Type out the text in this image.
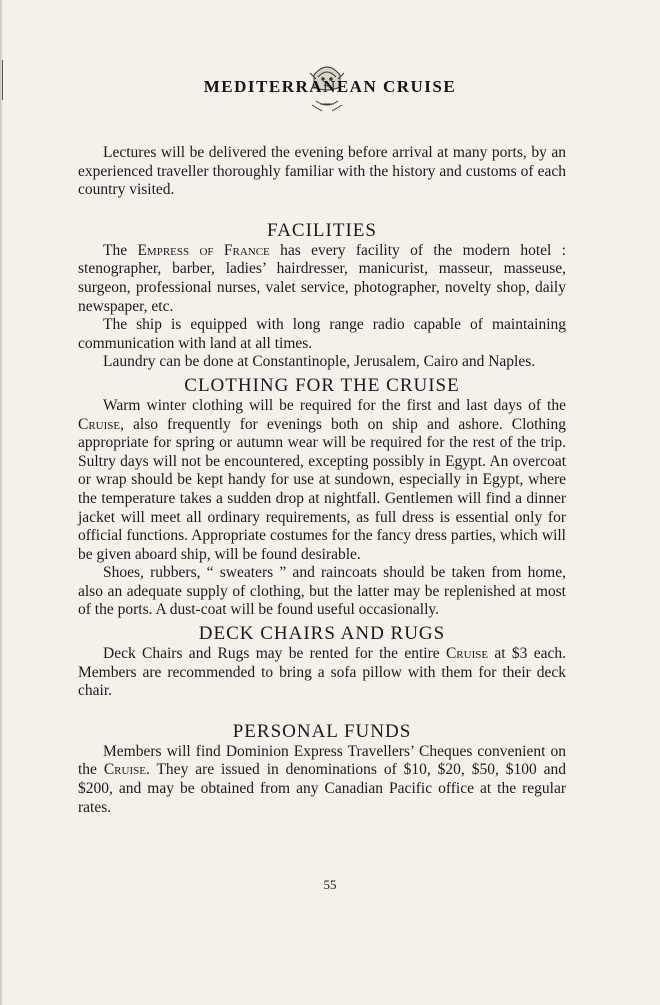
MEDITERRANEAN CRUISE

Lectures will be delivered the evening before arrival at many ports, by an experienced traveller thoroughly familiar with the history and customs of each country visited.

FACILITIES

The Empress of France has every facility of the modern hotel : stenographer, barber, ladies’ hairdresser, manicurist, masseur, masseuse, surgeon, professional nurses, valet service, photographer, novelty shop, daily newspaper, etc.

The ship is equipped with long range radio capable of maintaining communication with land at all times.

Laundry can be done at Constantinople, Jerusalem, Cairo and Naples.

CLOTHING FOR THE CRUISE

Warm winter clothing will be required for the first and last days of the Cruise, also frequently for evenings both on ship and ashore. Clothing appropriate for spring or autumn wear will be required for the rest of the trip. Sultry days will not be encountered, excepting possibly in Egypt. An overcoat or wrap should be kept handy for use at sundown, especially in Egypt, where the temperature takes a sudden drop at nightfall. Gentlemen will find a dinner jacket will meet all ordinary requirements, as full dress is essential only for official functions. Appropriate costumes for the fancy dress parties, which will be given aboard ship, will be found desirable.

Shoes, rubbers, “ sweaters ” and raincoats should be taken from home, also an adequate supply of clothing, but the latter may be replenished at most of the ports. A dust-coat will be found useful occasionally.

DECK CHAIRS AND RUGS

Deck Chairs and Rugs may be rented for the entire Cruise at $3 each. Members are recommended to bring a sofa pillow with them for their deck chair.

PERSONAL FUNDS

Members will find Dominion Express Travellers’ Cheques convenient on the Cruise. They are issued in denominations of $10, $20, $50, $100 and $200, and may be obtained from any Canadian Pacific office at the regular rates.

55
